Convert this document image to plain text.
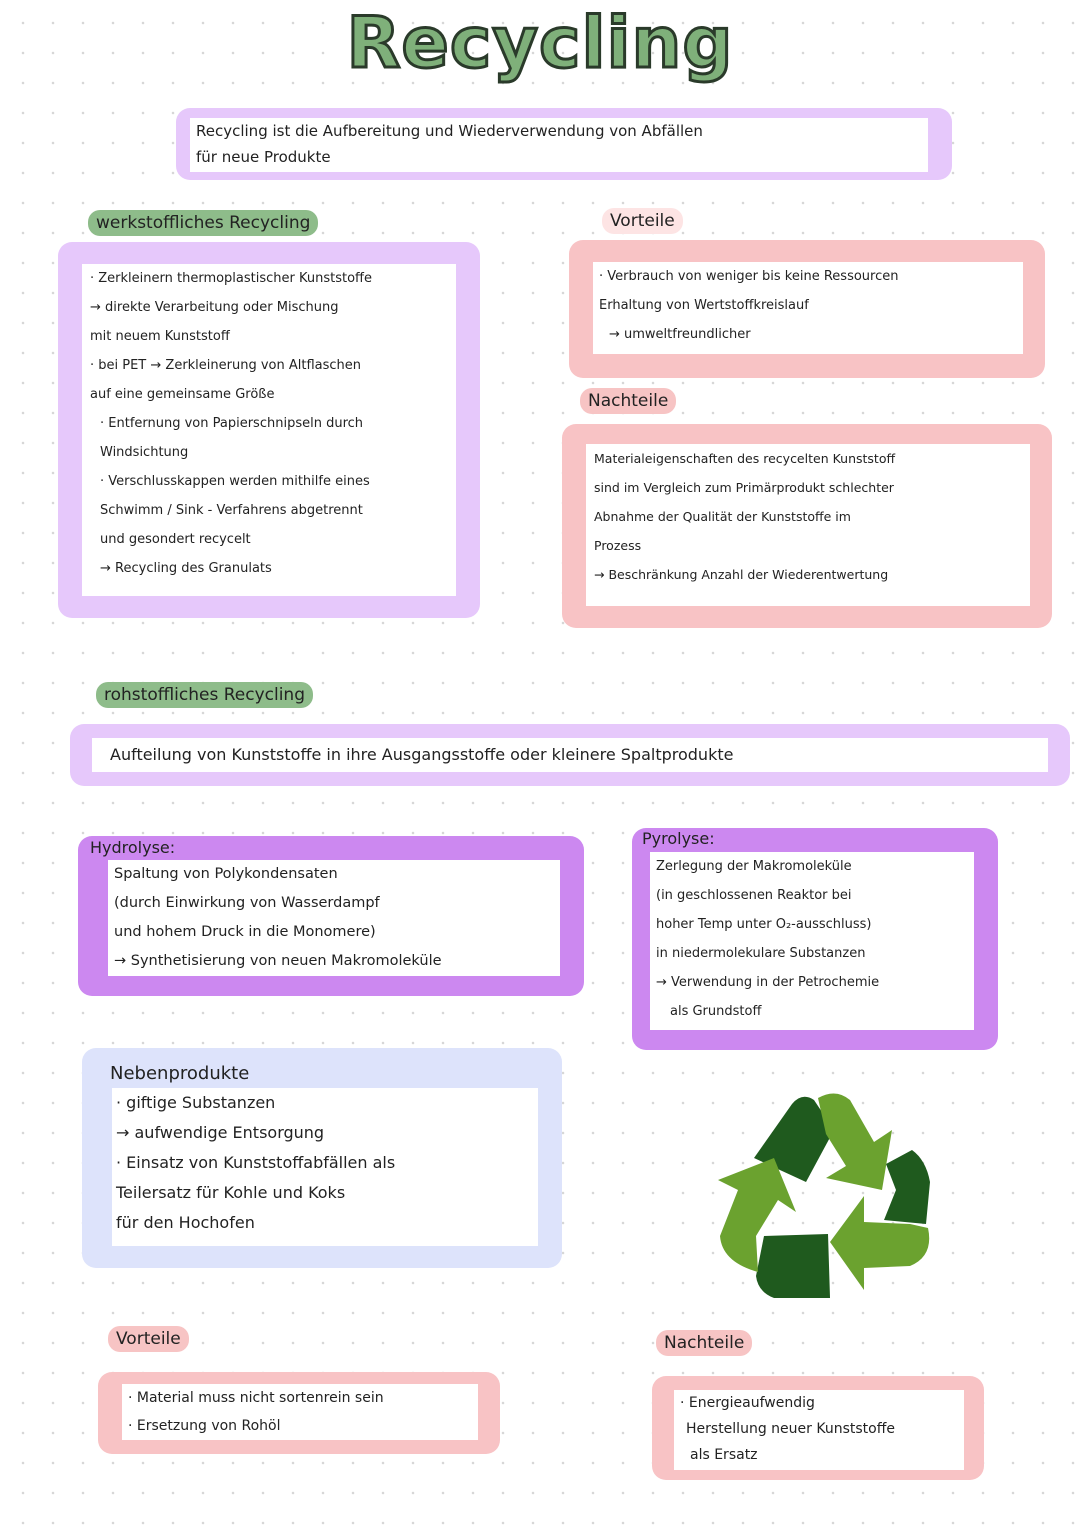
Recycling
Recycling ist die Aufbereitung und Wiederverwendung von Abfällen
für neue Produkte
werkstoffliches Recycling
· Zerkleinern thermoplastischer Kunststoffe
→ direkte Verarbeitung oder Mischung
mit neuem Kunststoff
· bei PET → Zerkleinerung von Altflaschen
auf eine gemeinsame Größe
· Entfernung von Papierschnipseln durch
Windsichtung
· Verschlusskappen werden mithilfe eines
Schwimm / Sink - Verfahrens abgetrennt
und gesondert recycelt
→ Recycling des Granulats
Vorteile
· Verbrauch von weniger bis keine Ressourcen
Erhaltung von Wertstoffkreislauf
→ umweltfreundlicher
Nachteile
Materialeigenschaften des recycelten Kunststoff
sind im Vergleich zum Primärprodukt schlechter
Abnahme der Qualität der Kunststoffe im
Prozess
→ Beschränkung Anzahl der Wiederentwertung
rohstoffliches Recycling
Aufteilung von Kunststoffe in ihre Ausgangsstoffe oder kleinere Spaltprodukte
Hydrolyse:
Spaltung von Polykondensaten
(durch Einwirkung von Wasserdampf
und hohem Druck in die Monomere)
→ Synthetisierung von neuen Makromoleküle
Pyrolyse:
Zerlegung der Makromoleküle
(in geschlossenen Reaktor bei
hoher Temp unter O₂-ausschluss)
in niedermolekulare Substanzen
→ Verwendung in der Petrochemie
als Grundstoff
Nebenprodukte
· giftige Substanzen
→ aufwendige Entsorgung
· Einsatz von Kunststoffabfällen als
Teilersatz für Kohle und Koks
für den Hochofen
Vorteile
· Material muss nicht sortenrein sein
· Ersetzung von Rohöl
Nachteile
· Energieaufwendig
Herstellung neuer Kunststoffe
als Ersatz
